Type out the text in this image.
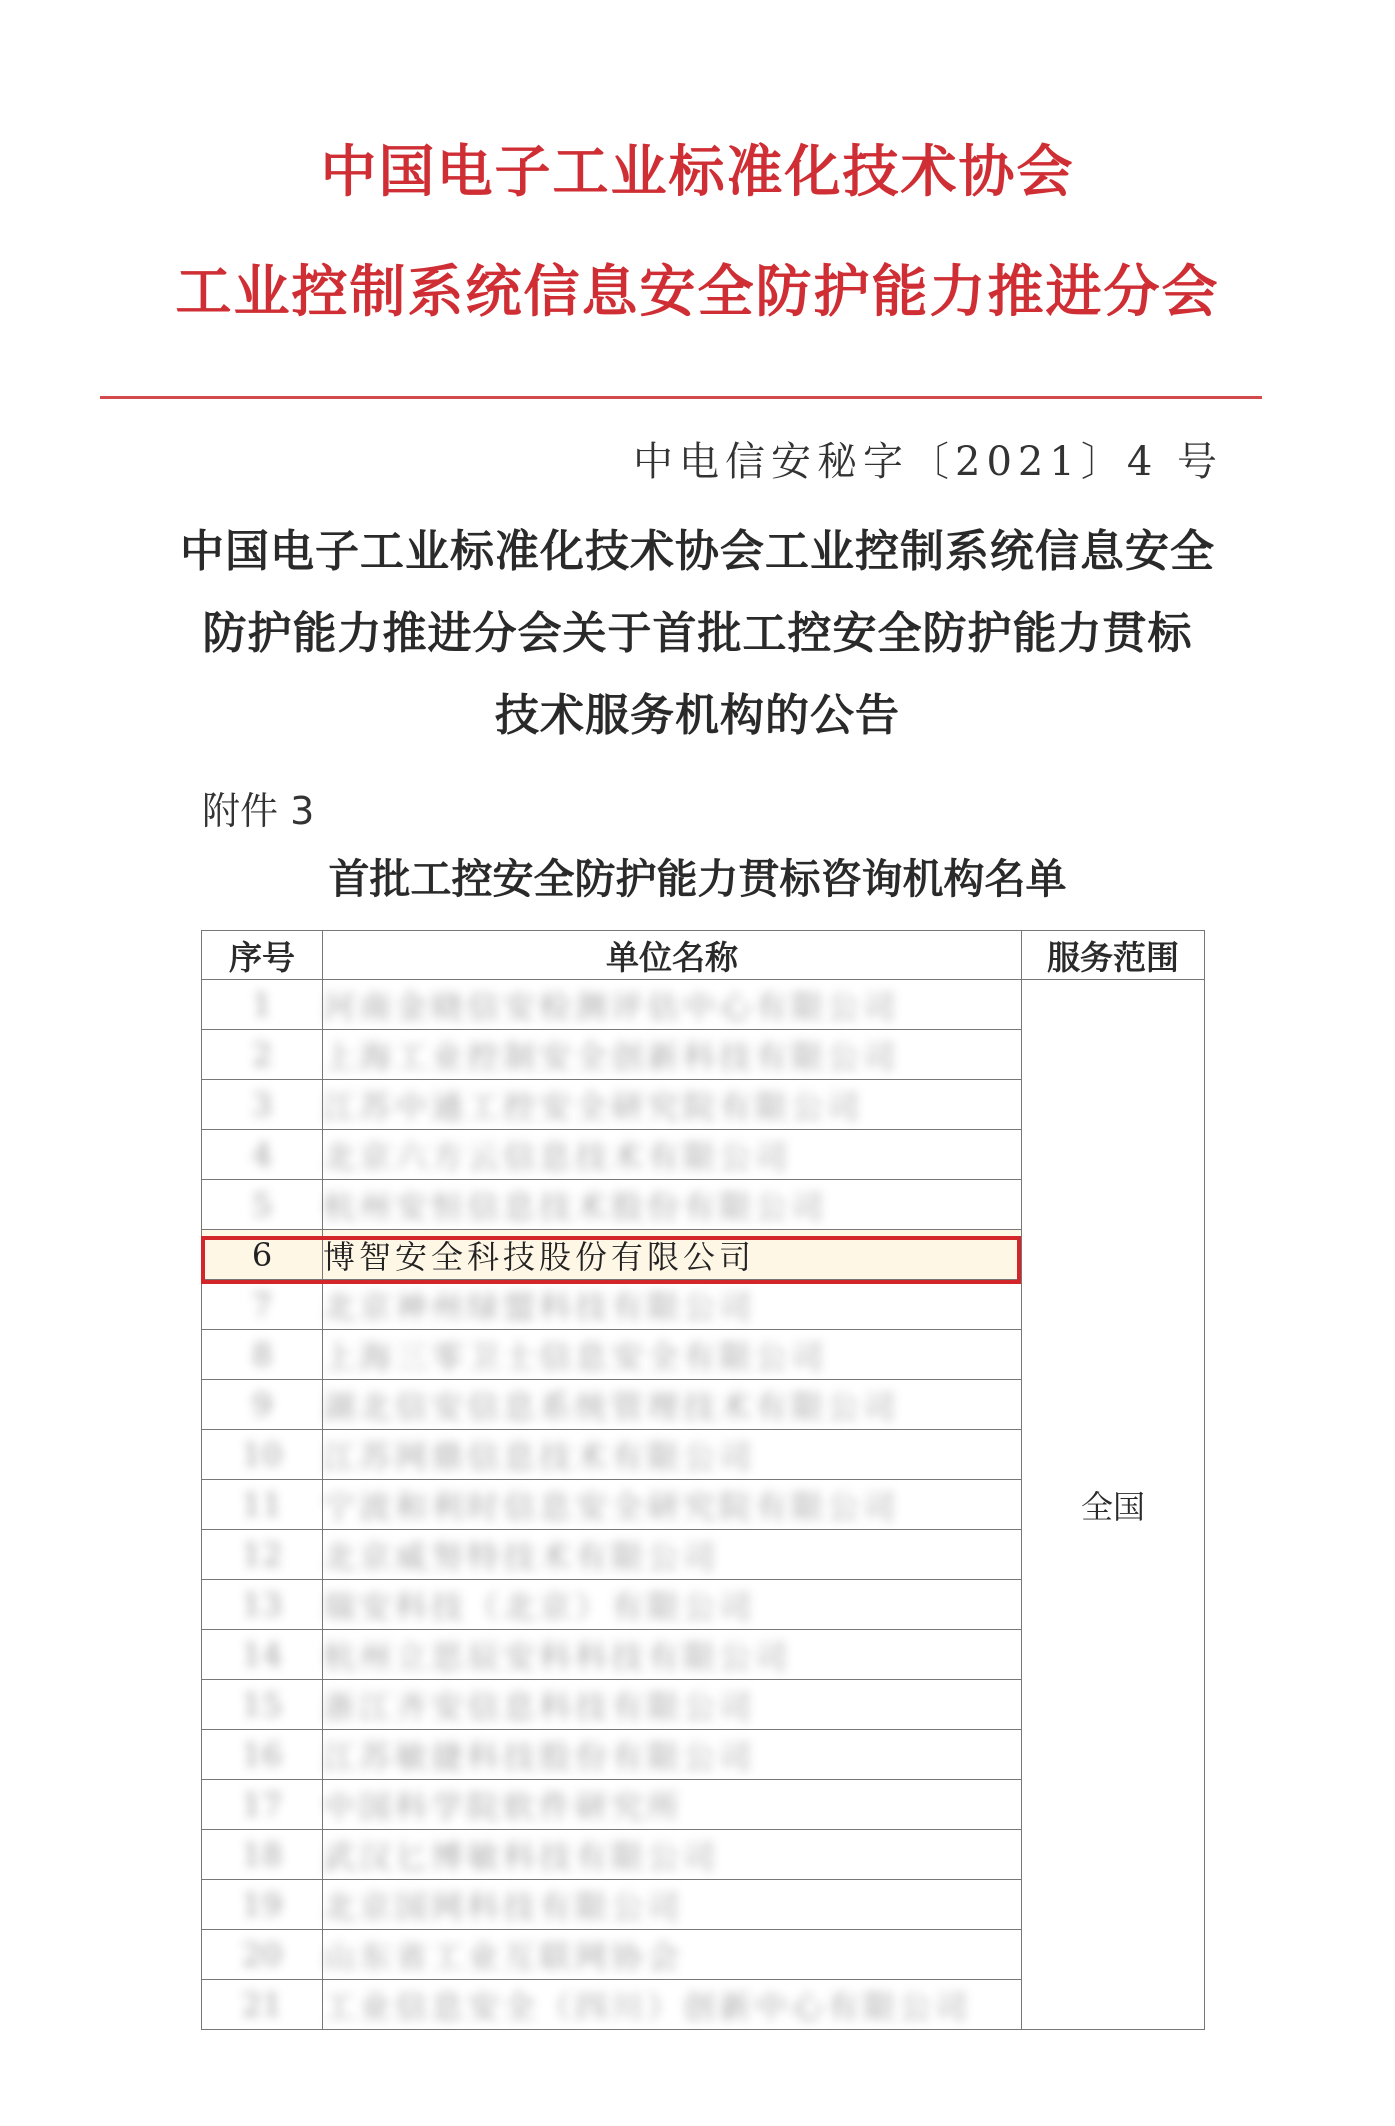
中国电子工业标准化技术协会
工业控制系统信息安全防护能力推进分会
中电信安秘字〔2021〕4 号
中国电子工业标准化技术协会工业控制系统信息安全
防护能力推进分会关于首批工控安全防护能力贯标
技术服务机构的公告
附件 3
首批工控安全防护能力贯标咨询机构名单
序号	单位名称	服务范围
1	河南金晓信安检测评估中心有限公司	全国
2	上海工业控制安全创新科技有限公司	
3	江苏中通工控安全研究院有限公司	
4	北京六方云信息技术有限公司	
5	杭州安恒信息技术股份有限公司	
6	博智安全科技股份有限公司	
7	北京神州绿盟科技有限公司	
8	上海三零卫士信息安全有限公司	
9	湖北信安信息系统管理技术有限公司	
10	江苏网鼎信息技术有限公司	
11	宁波和利时信息安全研究院有限公司	
12	北京威努特技术有限公司	
13	瑞安科技（北京）有限公司	
14	杭州立思辰安科科技有限公司	
15	浙江齐安信息科技有限公司	
16	江苏敏捷科技股份有限公司	
17	中国科学院软件研究所	
18	武汉匕博敏科技有限公司	
19	北京国网科技有限公司	
20	山东省工业互联网协会	
21	工业信息安全（四川）创新中心有限公司	
